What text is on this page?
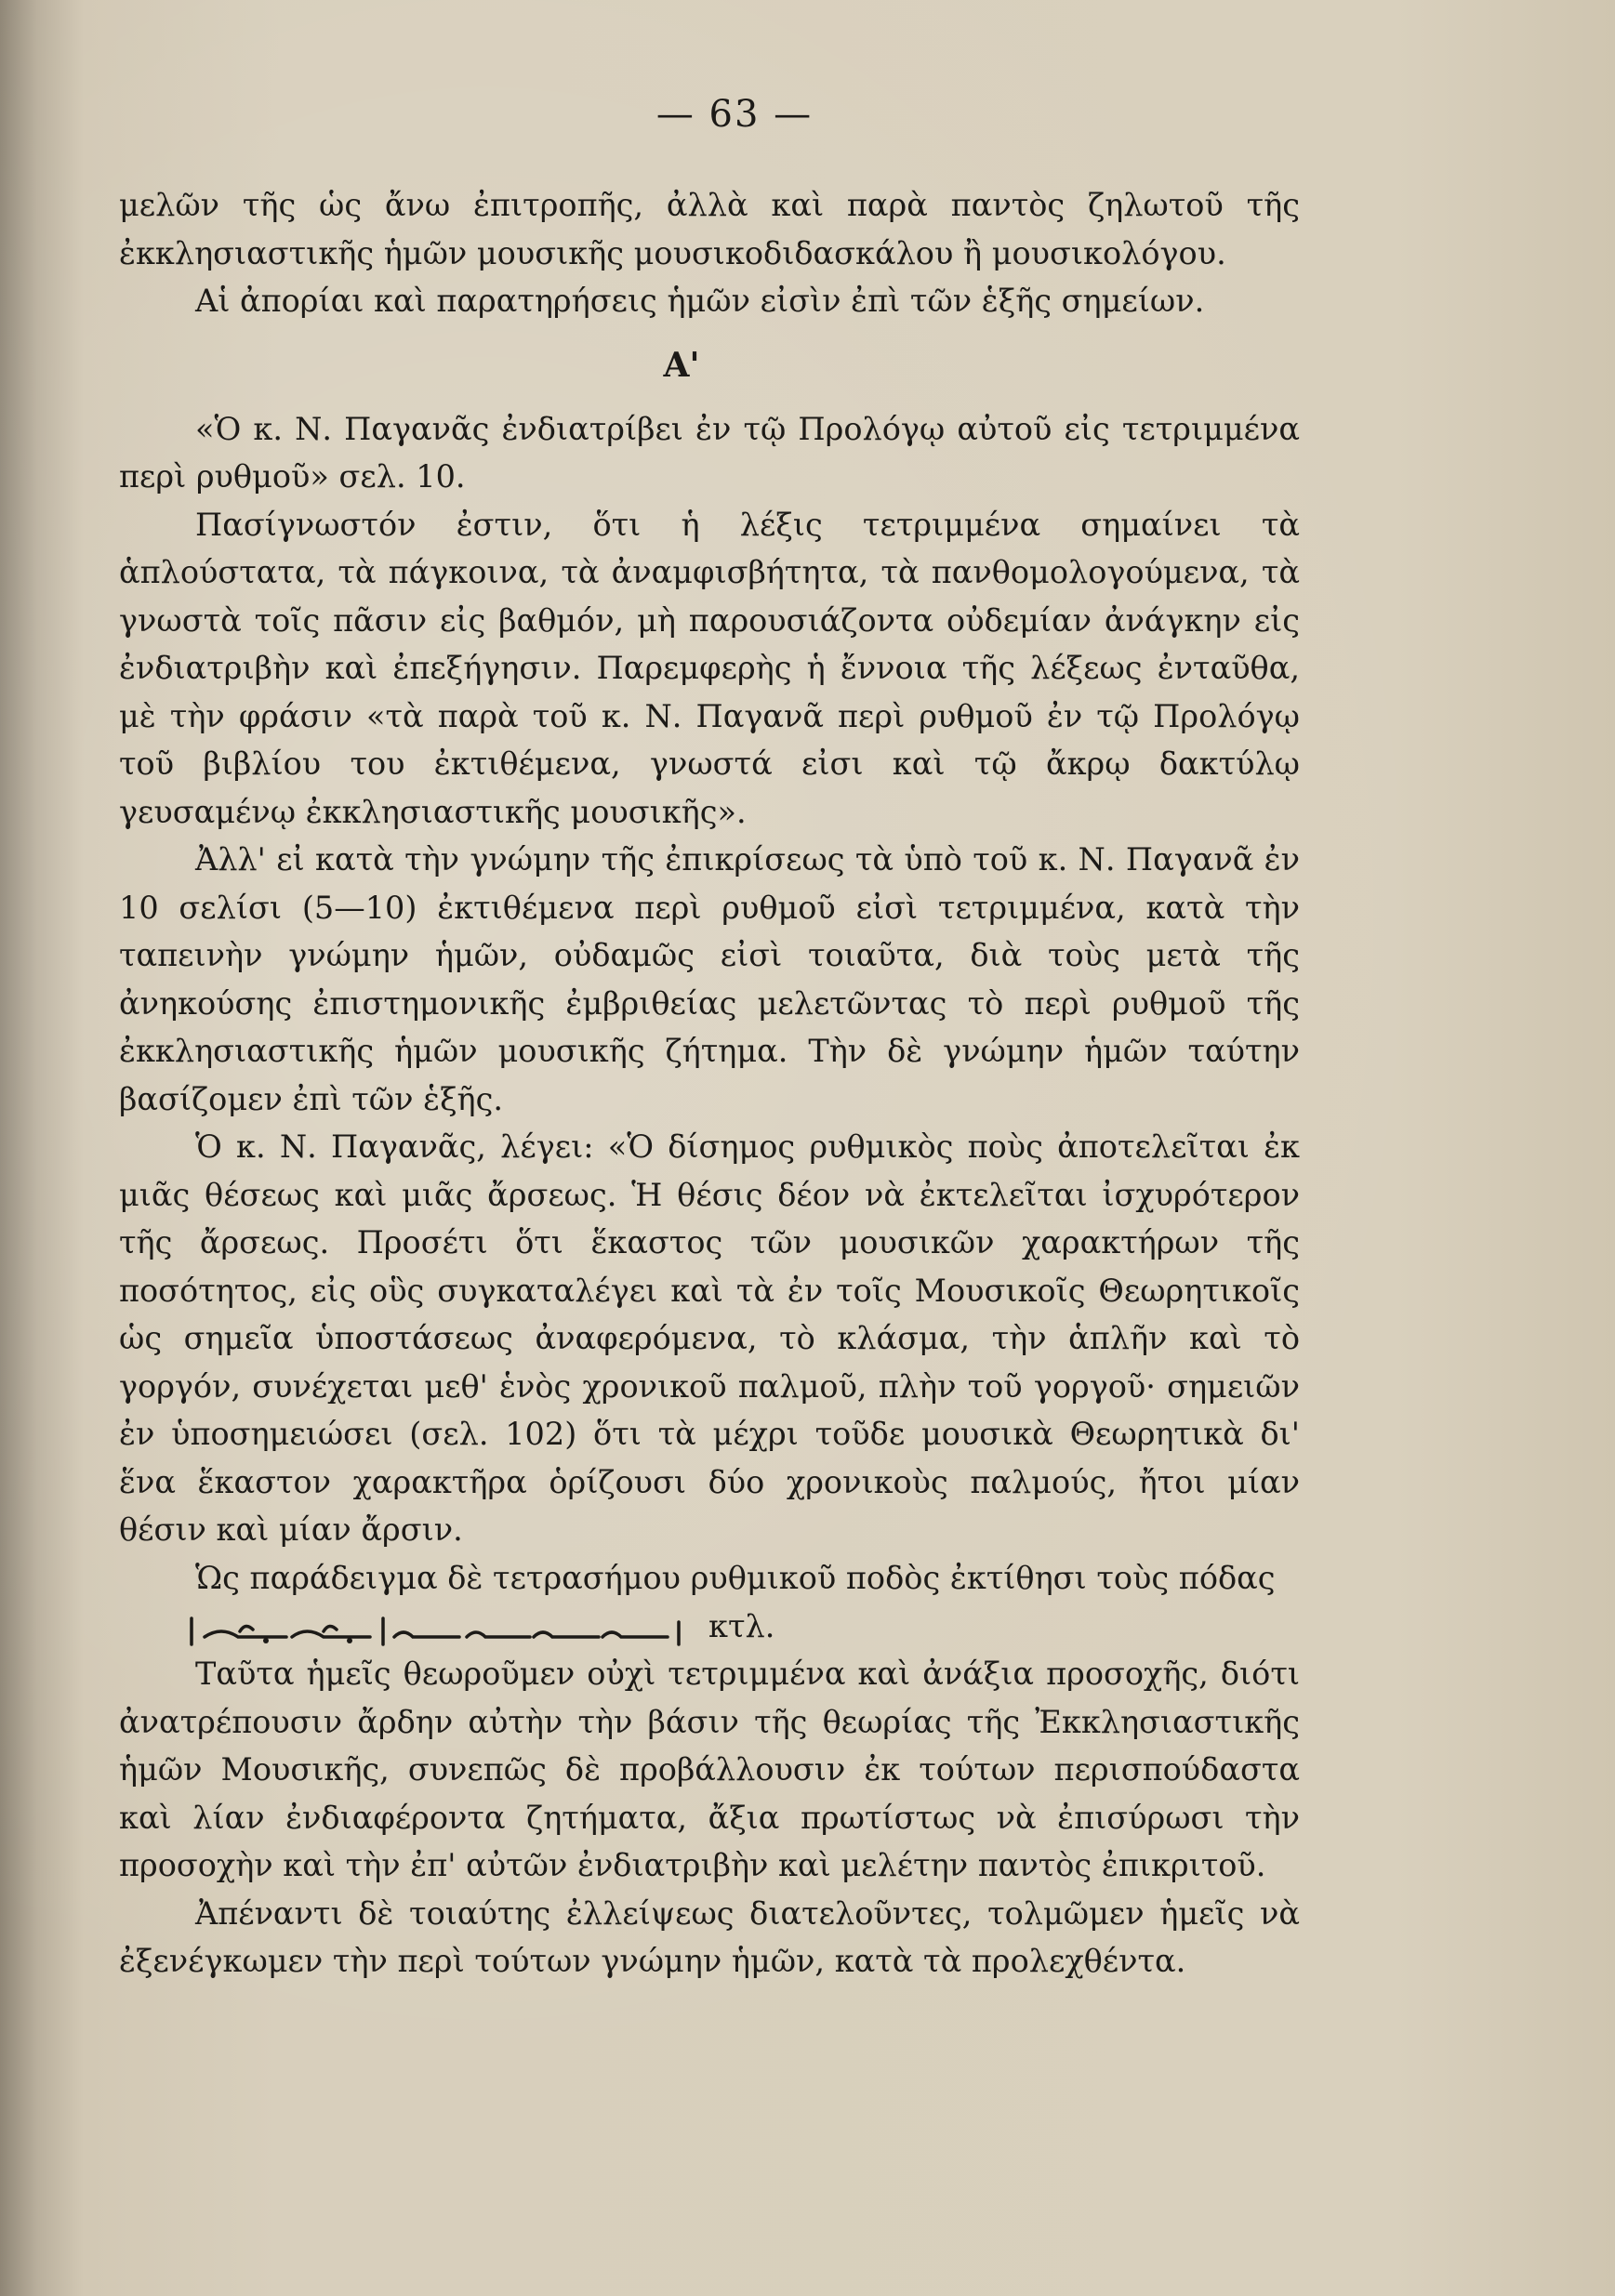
— 63 —

μελῶν τῆς ὡς ἄνω ἐπιτροπῆς, ἀλλὰ καὶ παρὰ παντὸς ζηλωτοῦ τῆς ἐκκλησιαστικῆς ἡμῶν μουσικῆς μουσικοδιδασκάλου ἢ μουσικολόγου.

Αἱ ἀπορίαι καὶ παρατηρήσεις ἡμῶν εἰσὶν ἐπὶ τῶν ἑξῆς σημείων.

Α'

«Ὁ κ. Ν. Παγανᾶς ἐνδιατρίβει ἐν τῷ Προλόγῳ αὐτοῦ εἰς τετριμμένα περὶ ρυθμοῦ» σελ. 10.

Πασίγνωστόν ἐστιν, ὅτι ἡ λέξις τετριμμένα σημαίνει τὰ ἁπλούστατα, τὰ πάγκοινα, τὰ ἀναμφισβήτητα, τὰ πανθομολογούμενα, τὰ γνωστὰ τοῖς πᾶσιν εἰς βαθμόν, μὴ παρουσιάζοντα οὐδεμίαν ἀνάγκην εἰς ἐνδιατριβὴν καὶ ἐπεξήγησιν. Παρεμφερὴς ἡ ἔννοια τῆς λέξεως ἐνταῦθα, μὲ τὴν φράσιν «τὰ παρὰ τοῦ κ. Ν. Παγανᾶ περὶ ρυθμοῦ ἐν τῷ Προλόγῳ τοῦ βιβλίου του ἐκτιθέμενα, γνωστά εἰσι καὶ τῷ ἄκρῳ δακτύλῳ γευσαμένῳ ἐκκλησιαστικῆς μουσικῆς».

Ἀλλ' εἰ κατὰ τὴν γνώμην τῆς ἐπικρίσεως τὰ ὑπὸ τοῦ κ. Ν. Παγανᾶ ἐν 10 σελίσι (5—10) ἐκτιθέμενα περὶ ρυθμοῦ εἰσὶ τετριμμένα, κατὰ τὴν ταπεινὴν γνώμην ἡμῶν, οὐδαμῶς εἰσὶ τοιαῦτα, διὰ τοὺς μετὰ τῆς ἀνηκούσης ἐπιστημονικῆς ἐμβριθείας μελετῶντας τὸ περὶ ρυθμοῦ τῆς ἐκκλησιαστικῆς ἡμῶν μουσικῆς ζήτημα. Τὴν δὲ γνώμην ἡμῶν ταύτην βασίζομεν ἐπὶ τῶν ἑξῆς.

Ὁ κ. Ν. Παγανᾶς, λέγει: «Ὁ δίσημος ρυθμικὸς ποὺς ἀποτελεῖται ἐκ μιᾶς θέσεως καὶ μιᾶς ἄρσεως. Ἡ θέσις δέον νὰ ἐκτελεῖται ἰσχυρότερον τῆς ἄρσεως. Προσέτι ὅτι ἕκαστος τῶν μουσικῶν χαρακτήρων τῆς ποσότητος, εἰς οὓς συγκαταλέγει καὶ τὰ ἐν τοῖς Μουσικοῖς Θεωρητικοῖς ὡς σημεῖα ὑποστάσεως ἀναφερόμενα, τὸ κλάσμα, τὴν ἁπλῆν καὶ τὸ γοργόν, συνέχεται μεθ' ἑνὸς χρονικοῦ παλμοῦ, πλὴν τοῦ γοργοῦ· σημειῶν ἐν ὑποσημειώσει (σελ. 102) ὅτι τὰ μέχρι τοῦδε μουσικὰ Θεωρητικὰ δι' ἕνα ἕκαστον χαρακτῆρα ὁρίζουσι δύο χρονικοὺς παλμούς, ἤτοι μίαν θέσιν καὶ μίαν ἄρσιν.

Ὡς παράδειγμα δὲ τετρασήμου ρυθμικοῦ ποδὸς ἐκτίθησι τοὺς πόδας

κτλ.

Ταῦτα ἡμεῖς θεωροῦμεν οὐχὶ τετριμμένα καὶ ἀνάξια προσοχῆς, διότι ἀνατρέπουσιν ἄρδην αὐτὴν τὴν βάσιν τῆς θεωρίας τῆς Ἐκκλησιαστικῆς ἡμῶν Μουσικῆς, συνεπῶς δὲ προβάλλουσιν ἐκ τούτων περισπούδαστα καὶ λίαν ἐνδιαφέροντα ζητήματα, ἄξια πρωτίστως νὰ ἐπισύρωσι τὴν προσοχὴν καὶ τὴν ἐπ' αὐτῶν ἐνδιατριβὴν καὶ μελέτην παντὸς ἐπικριτοῦ.

Ἀπέναντι δὲ τοιαύτης ἐλλείψεως διατελοῦντες, τολμῶμεν ἡμεῖς νὰ ἐξενέγκωμεν τὴν περὶ τούτων γνώμην ἡμῶν, κατὰ τὰ προλεχθέντα.
